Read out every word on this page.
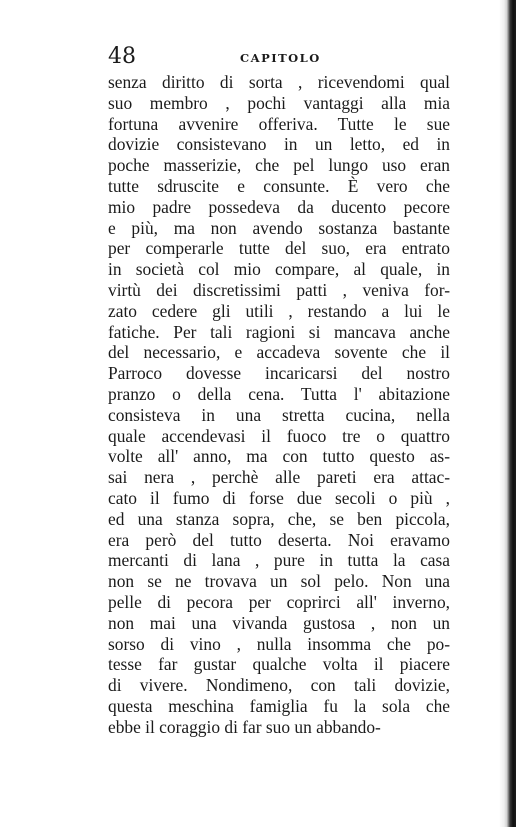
48	CAPITOLO
senza diritto di sorta , ricevendomi qual
suo membro , pochi vantaggi alla mia
fortuna avvenire offeriva. Tutte le sue
dovizie consistevano in un letto, ed in
poche masserizie, che pel lungo uso eran
tutte sdruscite e consunte. È vero che
mio padre possedeva da ducento pecore
e più, ma non avendo sostanza bastante
per comperarle tutte del suo, era entrato
in società col mio compare, al quale, in
virtù dei discretissimi patti , veniva for-
zato cedere gli utili , restando a lui le
fatiche. Per tali ragioni si mancava anche
del necessario, e accadeva sovente che il
Parroco dovesse incaricarsi del nostro
pranzo o della cena. Tutta l' abitazione
consisteva in una stretta cucina, nella
quale accendevasi il fuoco tre o quattro
volte all' anno, ma con tutto questo as-
sai nera , perchè alle pareti era attac-
cato il fumo di forse due secoli o più ,
ed una stanza sopra, che, se ben piccola,
era però del tutto deserta. Noi eravamo
mercanti di lana , pure in tutta la casa
non se ne trovava un sol pelo. Non una
pelle di pecora per coprirci all' inverno,
non mai una vivanda gustosa , non un
sorso di vino , nulla insomma che po-
tesse far gustar qualche volta il piacere
di vivere. Nondimeno, con tali dovizie,
questa meschina famiglia fu la sola che
ebbe il coraggio di far suo un abbando-
